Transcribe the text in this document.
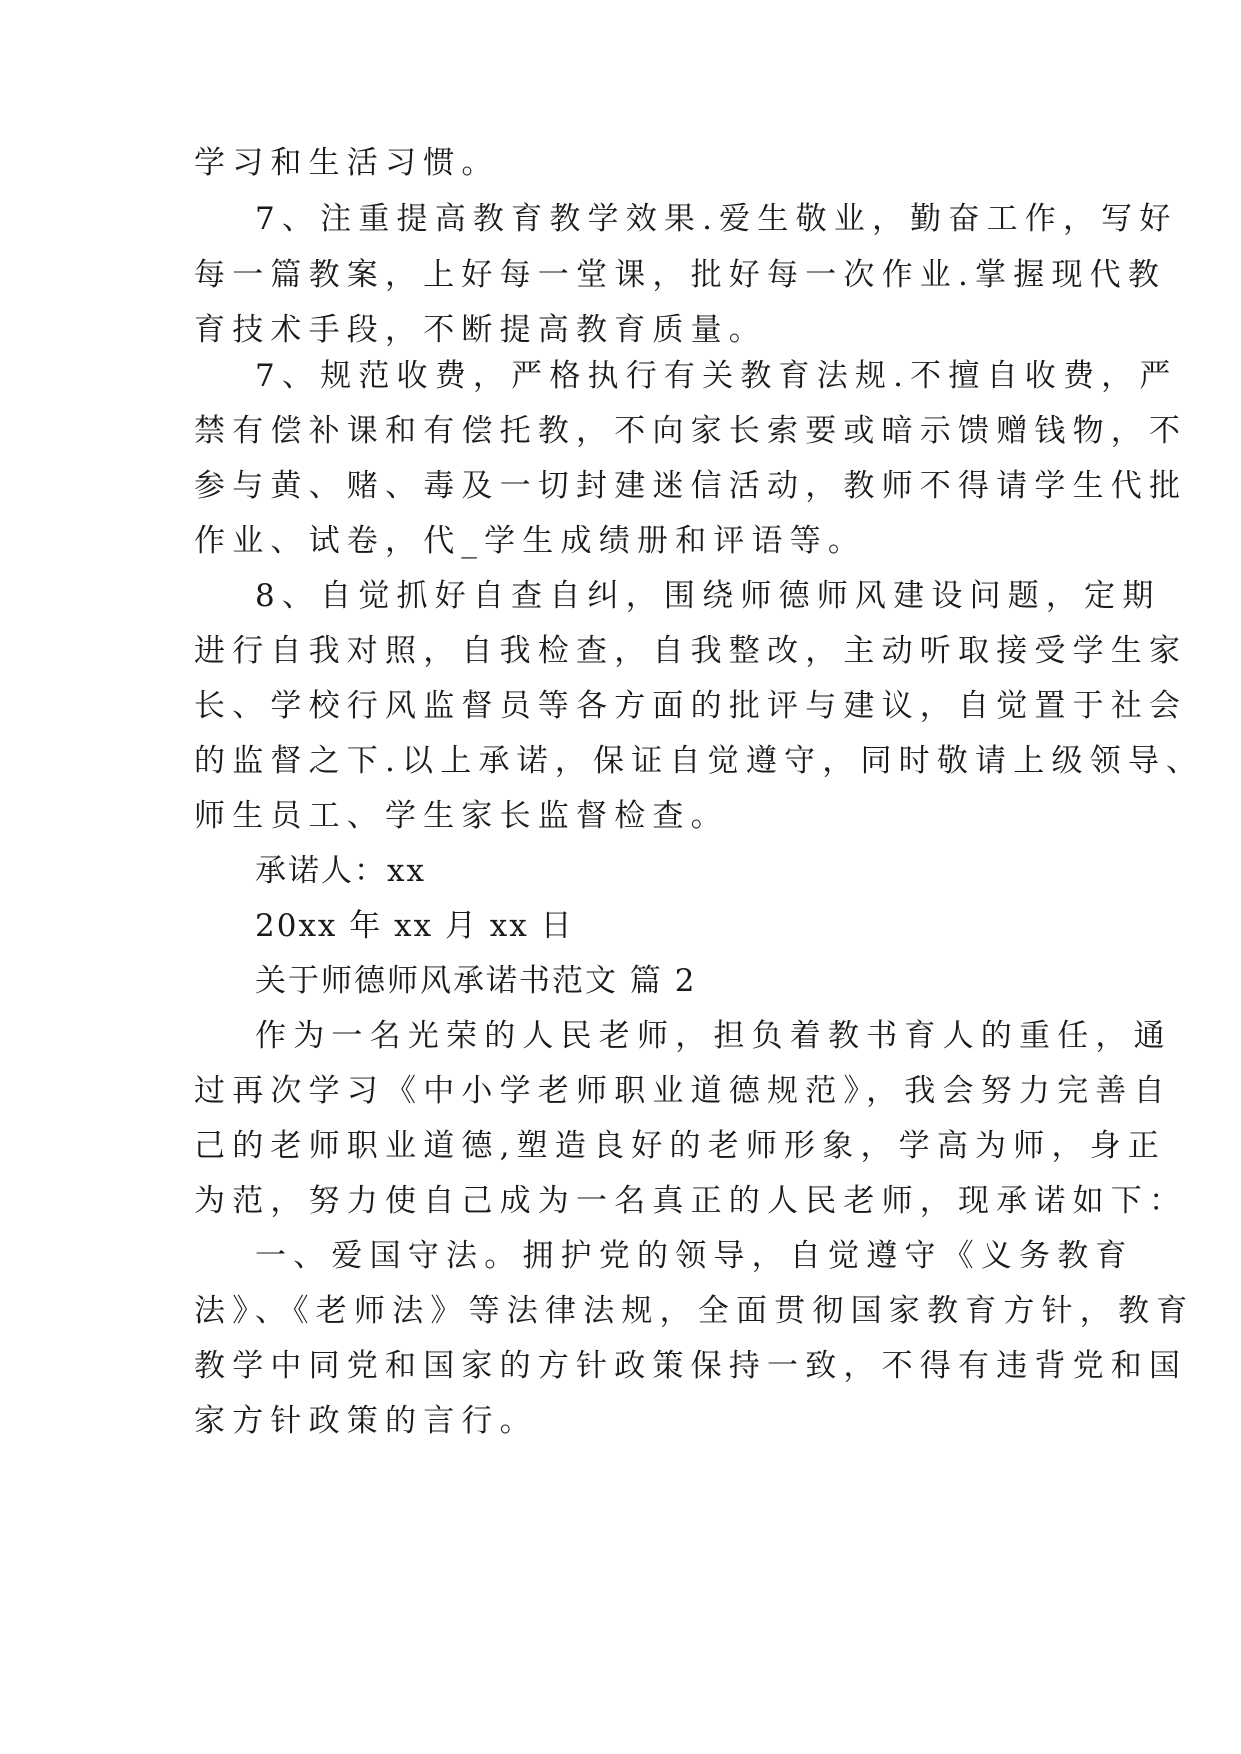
学习和生活习惯。
7、注重提高教育教学效果.爱生敬业，勤奋工作，写好
每一篇教案，上好每一堂课，批好每一次作业.掌握现代教
育技术手段，不断提高教育质量。
7、规范收费，严格执行有关教育法规.不擅自收费，严
禁有偿补课和有偿托教，不向家长索要或暗示馈赠钱物，不
参与黄、赌、毒及一切封建迷信活动，教师不得请学生代批
作业、试卷，代_学生成绩册和评语等。
8、自觉抓好自查自纠，围绕师德师风建设问题，定期
进行自我对照，自我检查，自我整改，主动听取接受学生家
长、学校行风监督员等各方面的批评与建议，自觉置于社会
的监督之下.以上承诺，保证自觉遵守，同时敬请上级领导、
师生员工、学生家长监督检查。
承诺人：xx
20xx 年 xx 月 xx 日
关于师德师风承诺书范文 篇 2
作为一名光荣的人民老师，担负着教书育人的重任，通
过再次学习《中小学老师职业道德规范》，我会努力完善自
己的老师职业道德,塑造良好的老师形象，学高为师，身正
为范，努力使自己成为一名真正的人民老师，现承诺如下：
一、爱国守法。拥护党的领导，自觉遵守《义务教育
法》、《老师法》等法律法规，全面贯彻国家教育方针，教育
教学中同党和国家的方针政策保持一致，不得有违背党和国
家方针政策的言行。
